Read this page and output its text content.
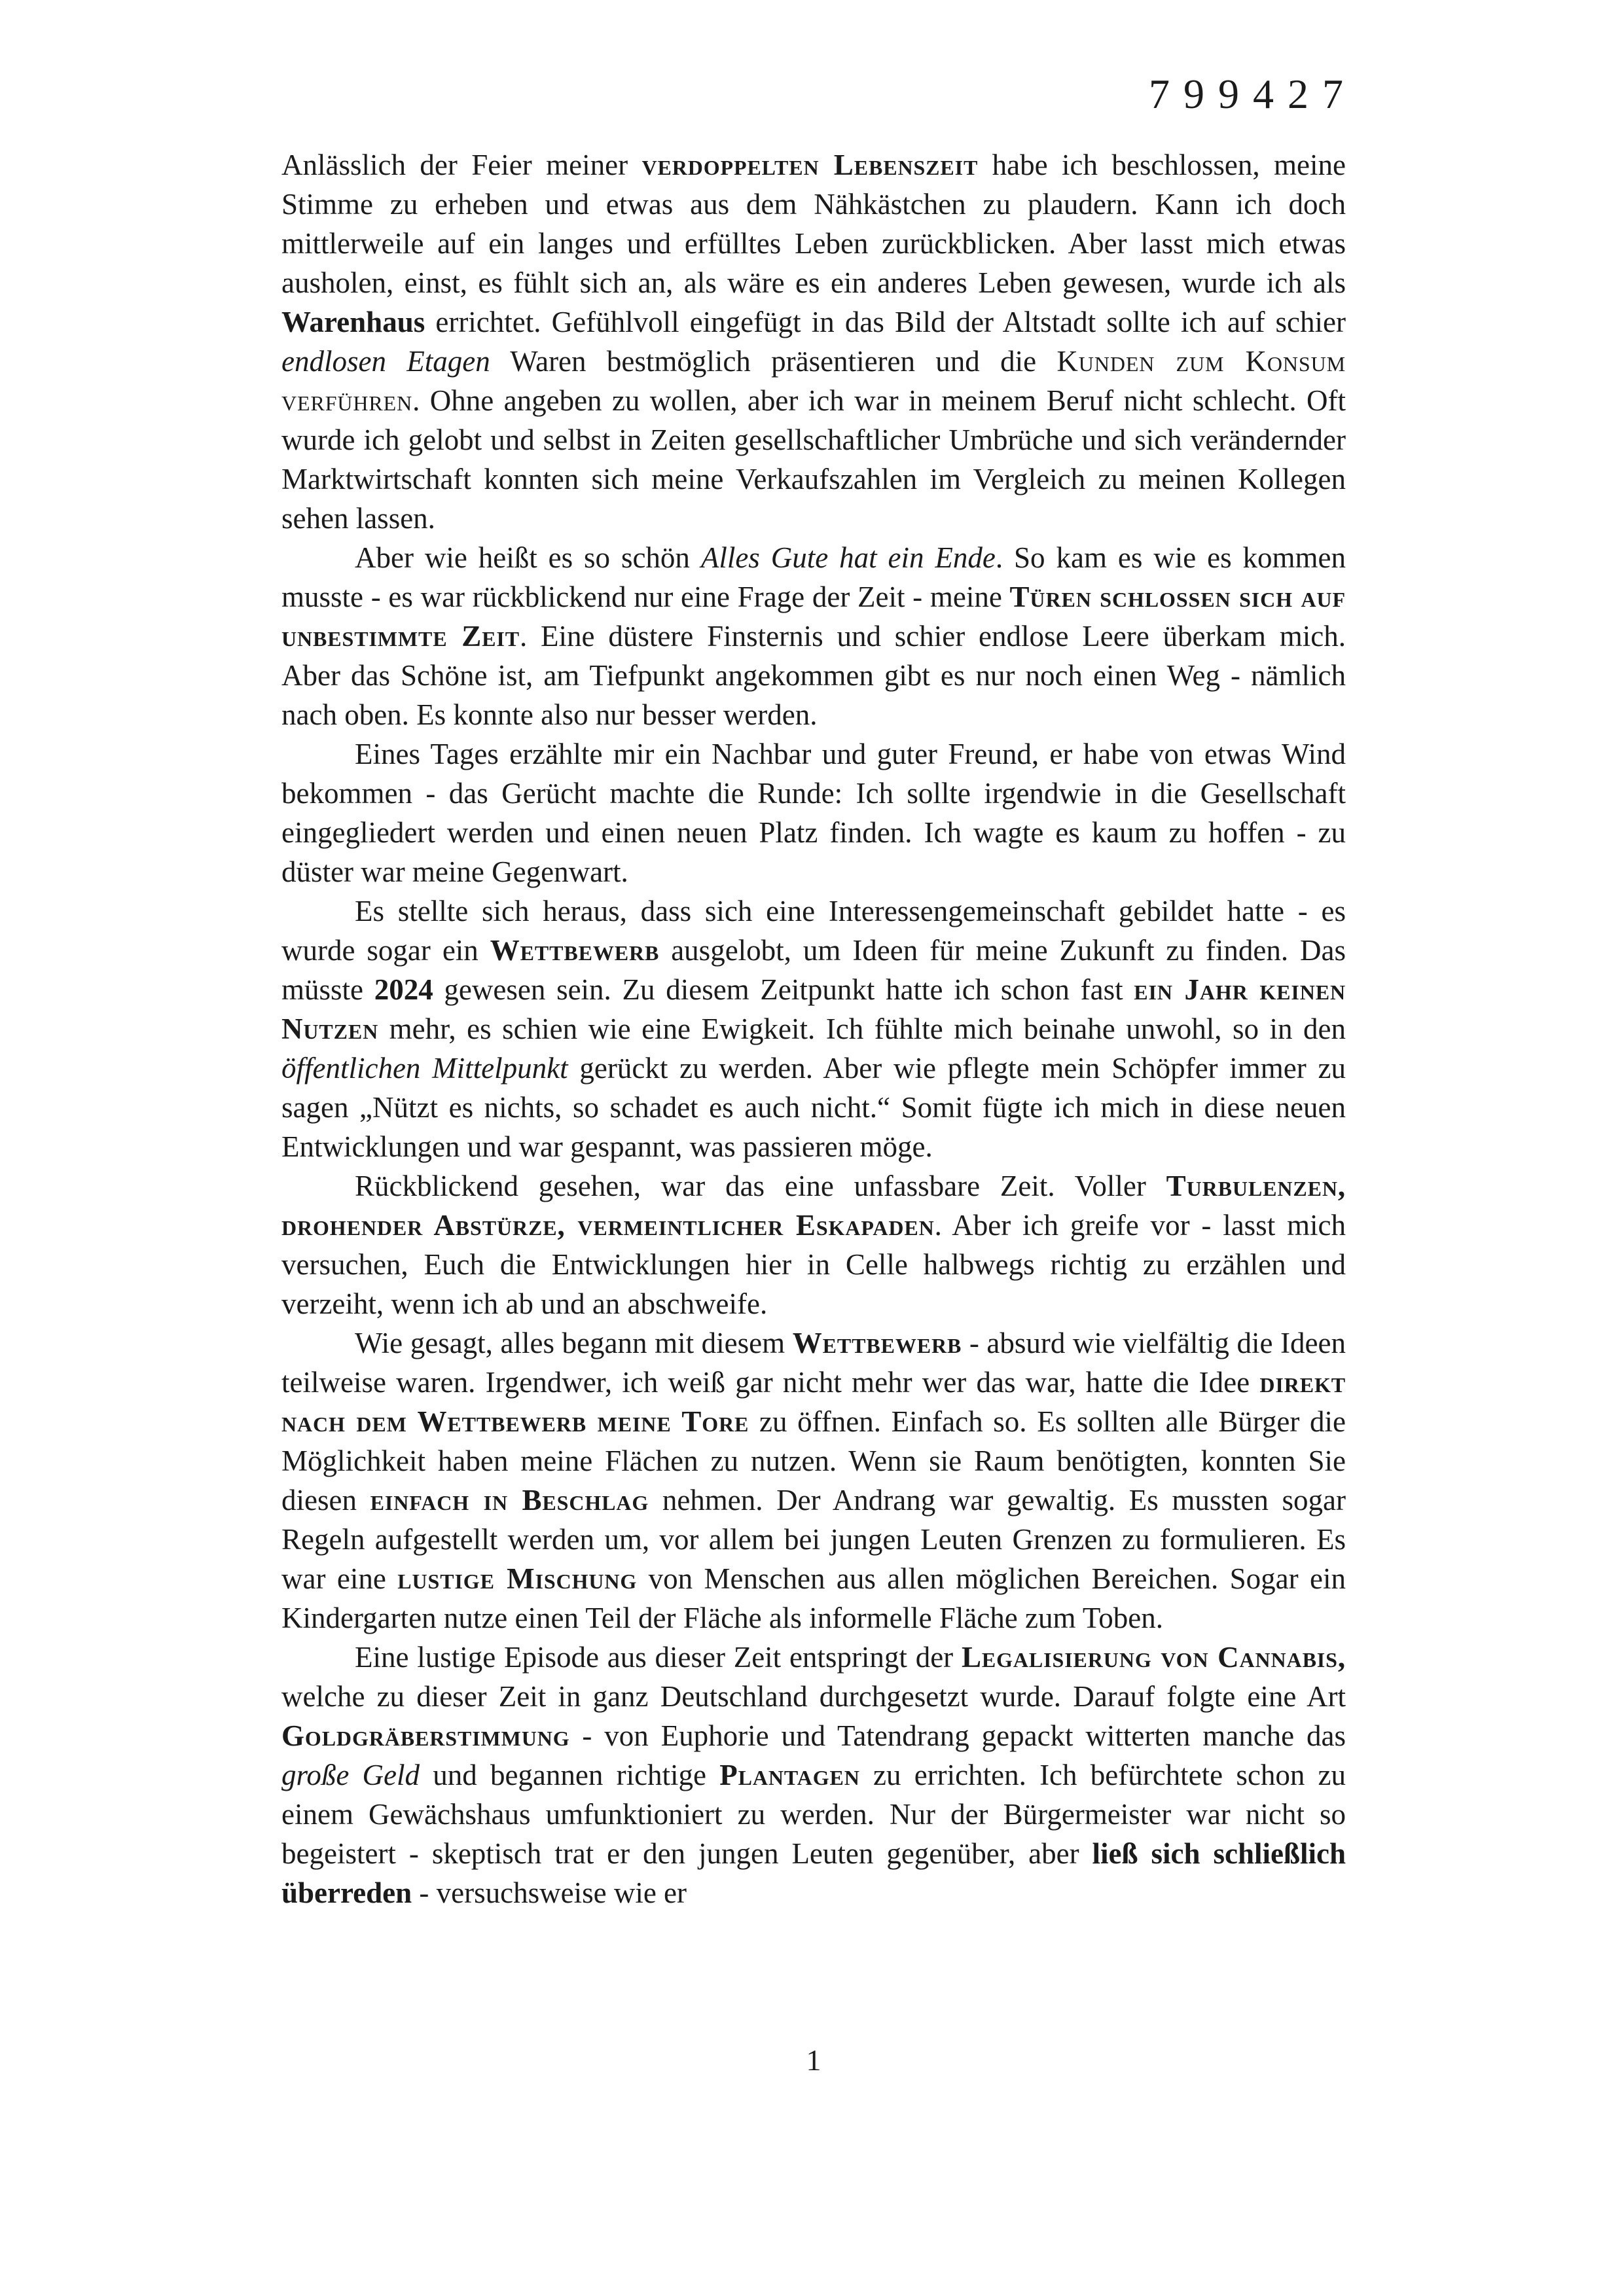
799427

Anlässlich der Feier meiner verdoppelten Lebenszeit habe ich beschlossen, meine Stimme zu erheben und etwas aus dem Nähkästchen zu plaudern. Kann ich doch mittlerweile auf ein langes und erfülltes Leben zurückblicken. Aber lasst mich etwas ausholen, einst, es fühlt sich an, als wäre es ein anderes Leben gewesen, wurde ich als Warenhaus errichtet. Gefühlvoll eingefügt in das Bild der Altstadt sollte ich auf schier endlosen Etagen Waren bestmöglich präsentieren und die Kunden zum Konsum verführen. Ohne angeben zu wollen, aber ich war in meinem Beruf nicht schlecht. Oft wurde ich gelobt und selbst in Zeiten gesellschaftlicher Umbrüche und sich verändernder Marktwirtschaft konnten sich meine Verkaufszahlen im Vergleich zu meinen Kollegen sehen lassen.

Aber wie heißt es so schön Alles Gute hat ein Ende. So kam es wie es kommen musste - es war rückblickend nur eine Frage der Zeit - meine Türen schlossen sich auf unbestimmte Zeit. Eine düstere Finsternis und schier endlose Leere überkam mich. Aber das Schöne ist, am Tiefpunkt angekommen gibt es nur noch einen Weg - nämlich nach oben. Es konnte also nur besser werden.

Eines Tages erzählte mir ein Nachbar und guter Freund, er habe von etwas Wind bekommen - das Gerücht machte die Runde: Ich sollte irgendwie in die Gesellschaft eingegliedert werden und einen neuen Platz finden. Ich wagte es kaum zu hoffen - zu düster war meine Gegenwart.

Es stellte sich heraus, dass sich eine Interessengemeinschaft gebildet hatte - es wurde sogar ein Wettbewerb ausgelobt, um Ideen für meine Zukunft zu finden. Das müsste 2024 gewesen sein. Zu diesem Zeitpunkt hatte ich schon fast ein Jahr keinen Nutzen mehr, es schien wie eine Ewigkeit. Ich fühlte mich beinahe unwohl, so in den öffentlichen Mittelpunkt gerückt zu werden. Aber wie pflegte mein Schöpfer immer zu sagen „Nützt es nichts, so schadet es auch nicht.“ Somit fügte ich mich in diese neuen Entwicklungen und war gespannt, was passieren möge.

Rückblickend gesehen, war das eine unfassbare Zeit. Voller Turbulenzen, drohender Abstürze, vermeintlicher Eskapaden. Aber ich greife vor - lasst mich versuchen, Euch die Entwicklungen hier in Celle halbwegs richtig zu erzählen und verzeiht, wenn ich ab und an abschweife.

Wie gesagt, alles begann mit diesem Wettbewerb - absurd wie vielfältig die Ideen teilweise waren. Irgendwer, ich weiß gar nicht mehr wer das war, hatte die Idee direkt nach dem Wettbewerb meine Tore zu öffnen. Einfach so. Es sollten alle Bürger die Möglichkeit haben meine Flächen zu nutzen. Wenn sie Raum benötigten, konnten Sie diesen einfach in Beschlag nehmen. Der Andrang war gewaltig. Es mussten sogar Regeln aufgestellt werden um, vor allem bei jungen Leuten Grenzen zu formulieren. Es war eine lustige Mischung von Menschen aus allen möglichen Bereichen. Sogar ein Kindergarten nutze einen Teil der Fläche als informelle Fläche zum Toben.

Eine lustige Episode aus dieser Zeit entspringt der Legalisierung von Cannabis, welche zu dieser Zeit in ganz Deutschland durchgesetzt wurde. Darauf folgte eine Art Goldgräberstimmung - von Euphorie und Tatendrang gepackt witterten manche das große Geld und begannen richtige Plantagen zu errichten. Ich befürchtete schon zu einem Gewächshaus umfunktioniert zu werden. Nur der Bürgermeister war nicht so begeistert - skeptisch trat er den jungen Leuten gegenüber, aber ließ sich schließlich überreden - versuchsweise wie er

1
